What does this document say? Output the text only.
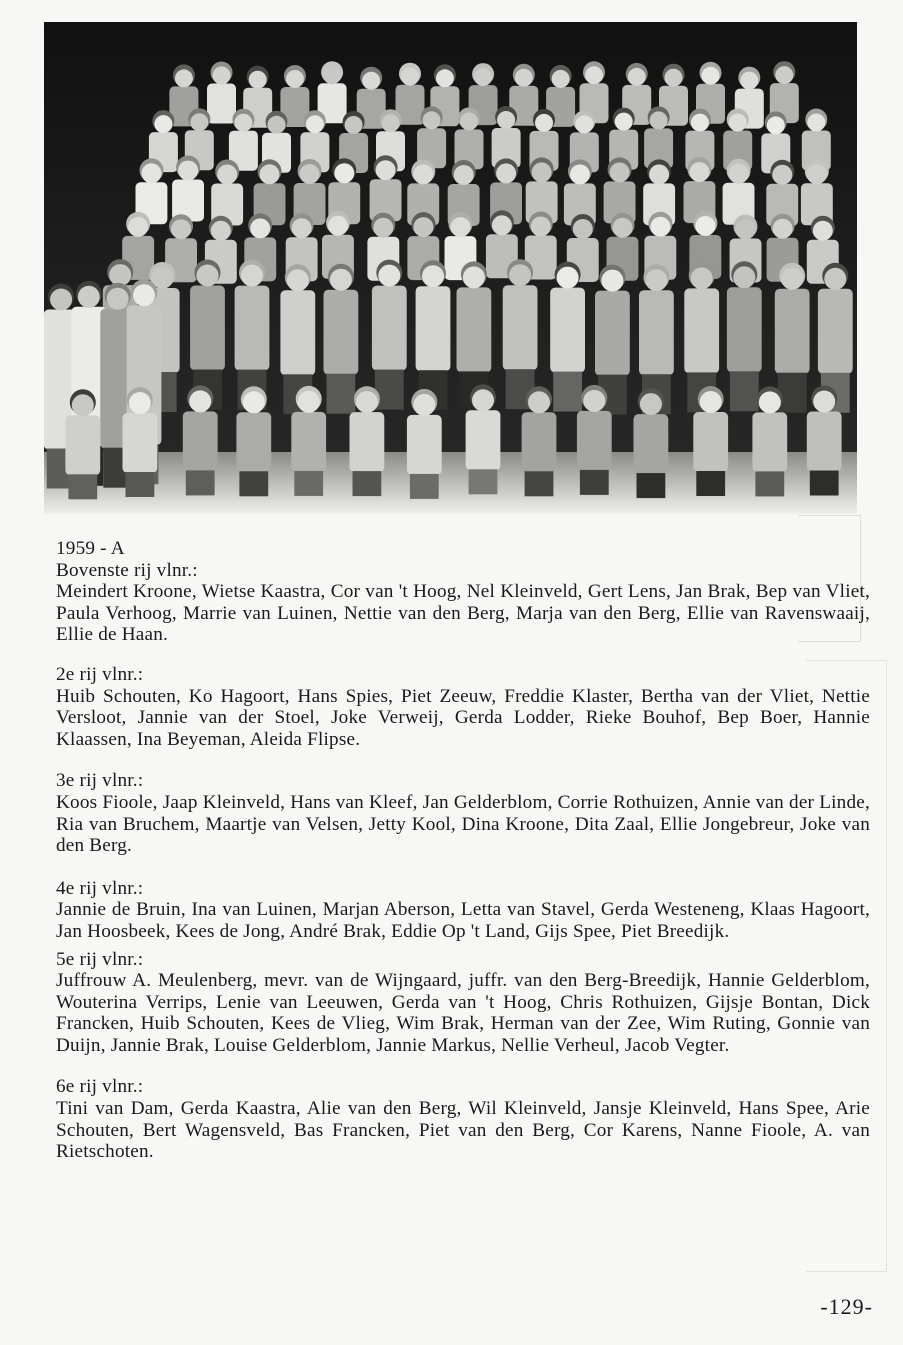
1959 - A

Bovenste rij vlnr.:

Meindert Kroone, Wietse Kaastra, Cor van 't Hoog, Nel Kleinveld, Gert Lens, Jan Brak, Bep van Vliet, Paula Verhoog, Marrie van Luinen, Nettie van den Berg, Marja van den Berg, Ellie van Ravenswaaij, Ellie de Haan.

2e rij vlnr.:

Huib Schouten, Ko Hagoort, Hans Spies, Piet Zeeuw, Freddie Klaster, Bertha van der Vliet, Nettie Versloot, Jannie van der Stoel, Joke Verweij, Gerda Lodder, Rieke Bouhof, Bep Boer, Hannie Klaassen, Ina Beyeman, Aleida Flipse.

3e rij vlnr.:

Koos Fioole, Jaap Kleinveld, Hans van Kleef, Jan Gelderblom, Corrie Rothuizen, Annie van der Linde, Ria van Bruchem, Maartje van Velsen, Jetty Kool, Dina Kroone, Dita Zaal, Ellie Jongebreur, Joke van den Berg.

4e rij vlnr.:

Jannie de Bruin, Ina van Luinen, Marjan Aberson, Letta van Stavel, Gerda Westeneng, Klaas Hagoort, Jan Hoosbeek, Kees de Jong, André Brak, Eddie Op 't Land, Gijs Spee, Piet Breedijk.

5e rij vlnr.:

Juffrouw A. Meulenberg, mevr. van de Wijngaard, juffr. van den Berg-Breedijk, Hannie Gelderblom, Wouterina Verrips, Lenie van Leeuwen, Gerda van 't Hoog, Chris Rothuizen, Gijsje Bontan, Dick Francken, Huib Schouten, Kees de Vlieg, Wim Brak, Herman van der Zee, Wim Ruting, Gonnie van Duijn, Jannie Brak, Louise Gelderblom, Jannie Markus, Nellie Verheul, Jacob Vegter.

6e rij vlnr.:

Tini van Dam, Gerda Kaastra, Alie van den Berg, Wil Kleinveld, Jansje Kleinveld, Hans Spee, Arie Schouten, Bert Wagensveld, Bas Francken, Piet van den Berg, Cor Karens, Nanne Fioole, A. van Rietschoten.

-129-
